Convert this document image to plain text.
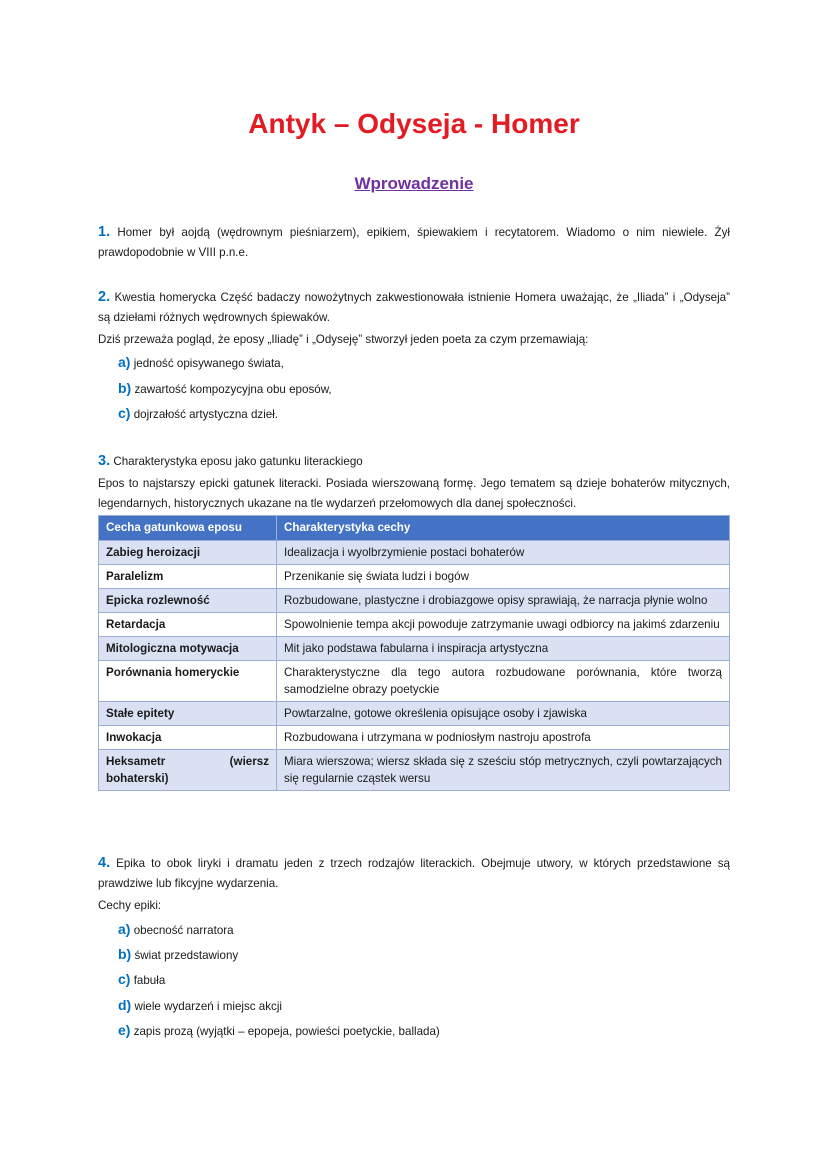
Antyk – Odyseja - Homer
Wprowadzenie
1. Homer był aojdą (wędrownym pieśniarzem), epikiem, śpiewakiem i recytatorem. Wiadomo o nim niewiele. Żył prawdopodobnie w VIII p.n.e.
2. Kwestia homerycka Część badaczy nowożytnych zakwestionowała istnienie Homera uważając, że „Iliada” i „Odyseja” są dziełami różnych wędrownych śpiewaków.
Dziś przeważa pogląd, że eposy „Iliadę” i „Odyseję” stworzył jeden poeta za czym przemawiają:
a) jedność opisywanego świata,
b) zawartość kompozycyjna obu eposów,
c) dojrzałość artystyczna dzieł.
3. Charakterystyka eposu jako gatunku literackiego
Epos to najstarszy epicki gatunek literacki. Posiada wierszowaną formę. Jego tematem są dzieje bohaterów mitycznych, legendarnych, historycznych ukazane na tle wydarzeń przełomowych dla danej społeczności.
Cecha gatunkowa eposu	Charakterystyka cechy
Zabieg heroizacji	Idealizacja i wyolbrzymienie postaci bohaterów
Paralelizm	Przenikanie się świata ludzi i bogów
Epicka rozlewność	Rozbudowane, plastyczne i drobiazgowe opisy sprawiają, że narracja płynie wolno
Retardacja	Spowolnienie tempa akcji powoduje zatrzymanie uwagi odbiorcy na jakimś zdarzeniu
Mitologiczna motywacja	Mit jako podstawa fabularna i inspiracja artystyczna
Porównania homeryckie	Charakterystyczne dla tego autora rozbudowane porównania, które tworzą samodzielne obrazy poetyckie
Stałe epitety	Powtarzalne, gotowe określenia opisujące osoby i zjawiska
Inwokacja	Rozbudowana i utrzymana w podniosłym nastroju apostrofa
Heksametr (wiersz bohaterski)	Miara wierszowa; wiersz składa się z sześciu stóp metrycznych, czyli powtarzających się regularnie cząstek wersu
4. Epika to obok liryki i dramatu jeden z trzech rodzajów literackich. Obejmuje utwory, w których przedstawione są prawdziwe lub fikcyjne wydarzenia.
Cechy epiki:
a) obecność narratora
b) świat przedstawiony
c) fabuła
d) wiele wydarzeń i miejsc akcji
e) zapis prozą (wyjątki – epopeja, powieści poetyckie, ballada)
